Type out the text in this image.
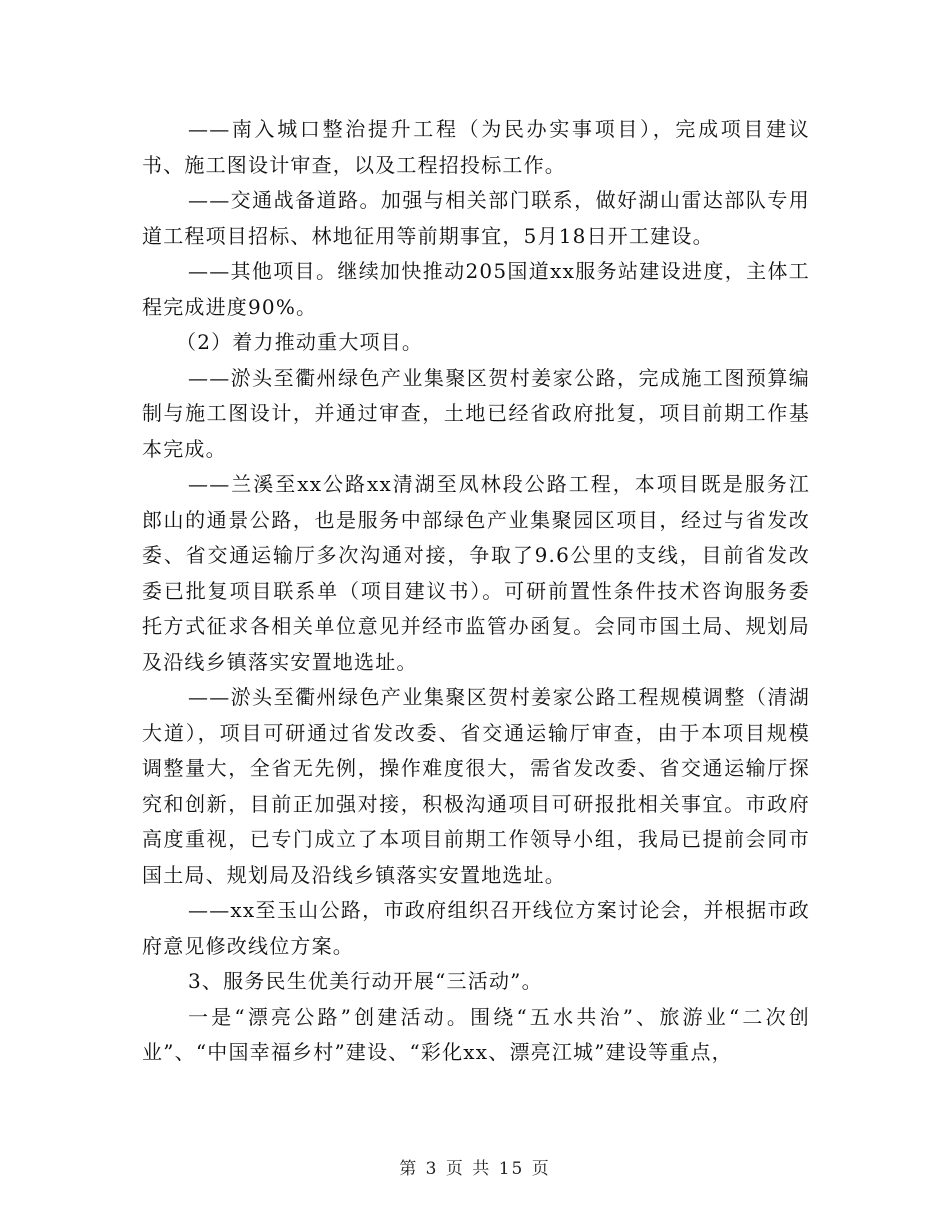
——南入城口整治提升工程（为民办实事项目），完成项目建议书、施工图设计审查，以及工程招投标工作。

——交通战备道路。加强与相关部门联系，做好湖山雷达部队专用道工程项目招标、林地征用等前期事宜，5月18日开工建设。

——其他项目。继续加快推动205国道xx服务站建设进度，主体工程完成进度90%。

（2）着力推动重大项目。

——淤头至衢州绿色产业集聚区贺村姜家公路，完成施工图预算编制与施工图设计，并通过审查，土地已经省政府批复，项目前期工作基本完成。

——兰溪至xx公路xx清湖至凤林段公路工程，本项目既是服务江郎山的通景公路，也是服务中部绿色产业集聚园区项目，经过与省发改委、省交通运输厅多次沟通对接，争取了9.6公里的支线，目前省发改委已批复项目联系单（项目建议书）。可研前置性条件技术咨询服务委托方式征求各相关单位意见并经市监管办函复。会同市国土局、规划局及沿线乡镇落实安置地选址。

——淤头至衢州绿色产业集聚区贺村姜家公路工程规模调整（清湖大道），项目可研通过省发改委、省交通运输厅审查，由于本项目规模调整量大，全省无先例，操作难度很大，需省发改委、省交通运输厅探究和创新，目前正加强对接，积极沟通项目可研报批相关事宜。市政府高度重视，已专门成立了本项目前期工作领导小组，我局已提前会同市国土局、规划局及沿线乡镇落实安置地选址。

——xx至玉山公路，市政府组织召开线位方案讨论会，并根据市政府意见修改线位方案。

3、服务民生优美行动开展“三活动”。

一是“漂亮公路”创建活动。围绕“五水共治”、旅游业“二次创业”、“中国幸福乡村”建设、“彩化xx、漂亮江城”建设等重点，

第 3 页 共 15 页
